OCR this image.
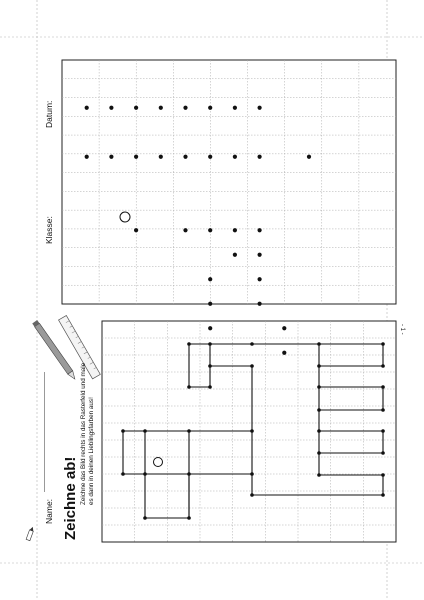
Name:
Klasse:
Datum:
Zeichne ab! Zeichne das Bild rechts in das Rasterfeld und male es dann in deinen Lieblingsfarben aus!
- 1 -
